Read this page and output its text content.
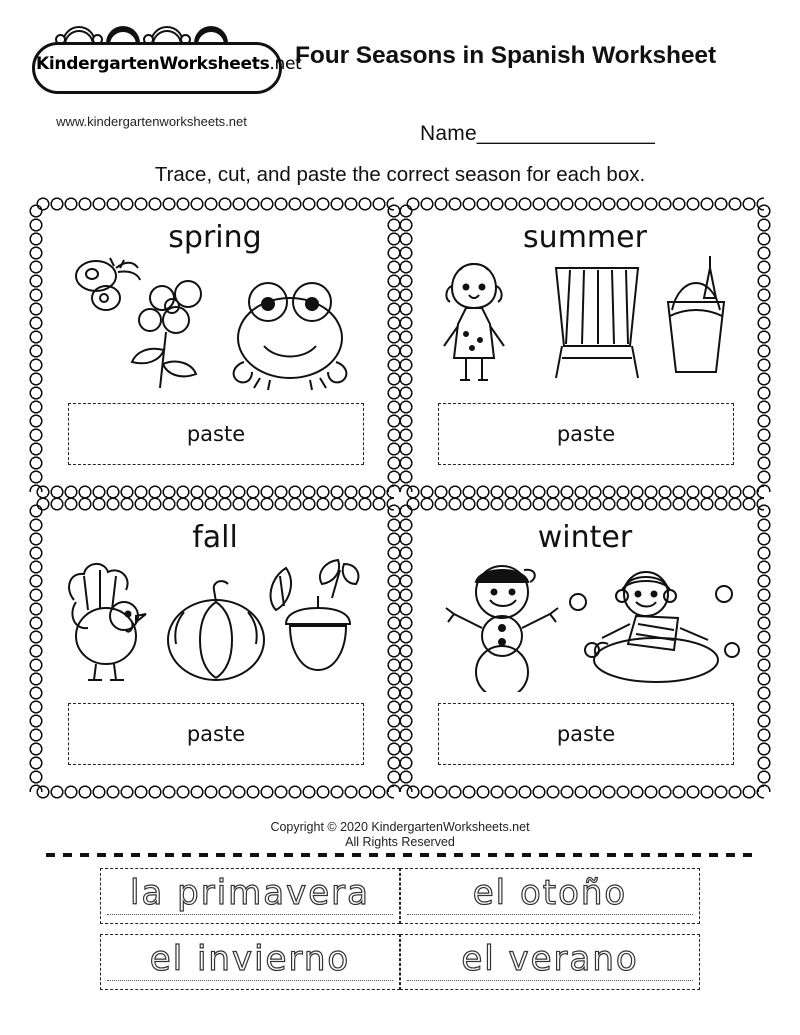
KindergartenWorksheets.net
www.kindergartenworksheets.net
Four Seasons in Spanish Worksheet
Name_______________
Trace, cut, and paste the correct season for each box.
spring
paste
summer
paste
fall
paste
winter
paste
Copyright © 2020 KindergartenWorksheets.net
All Rights Reserved
la primavera	el otoño
el invierno	el verano
